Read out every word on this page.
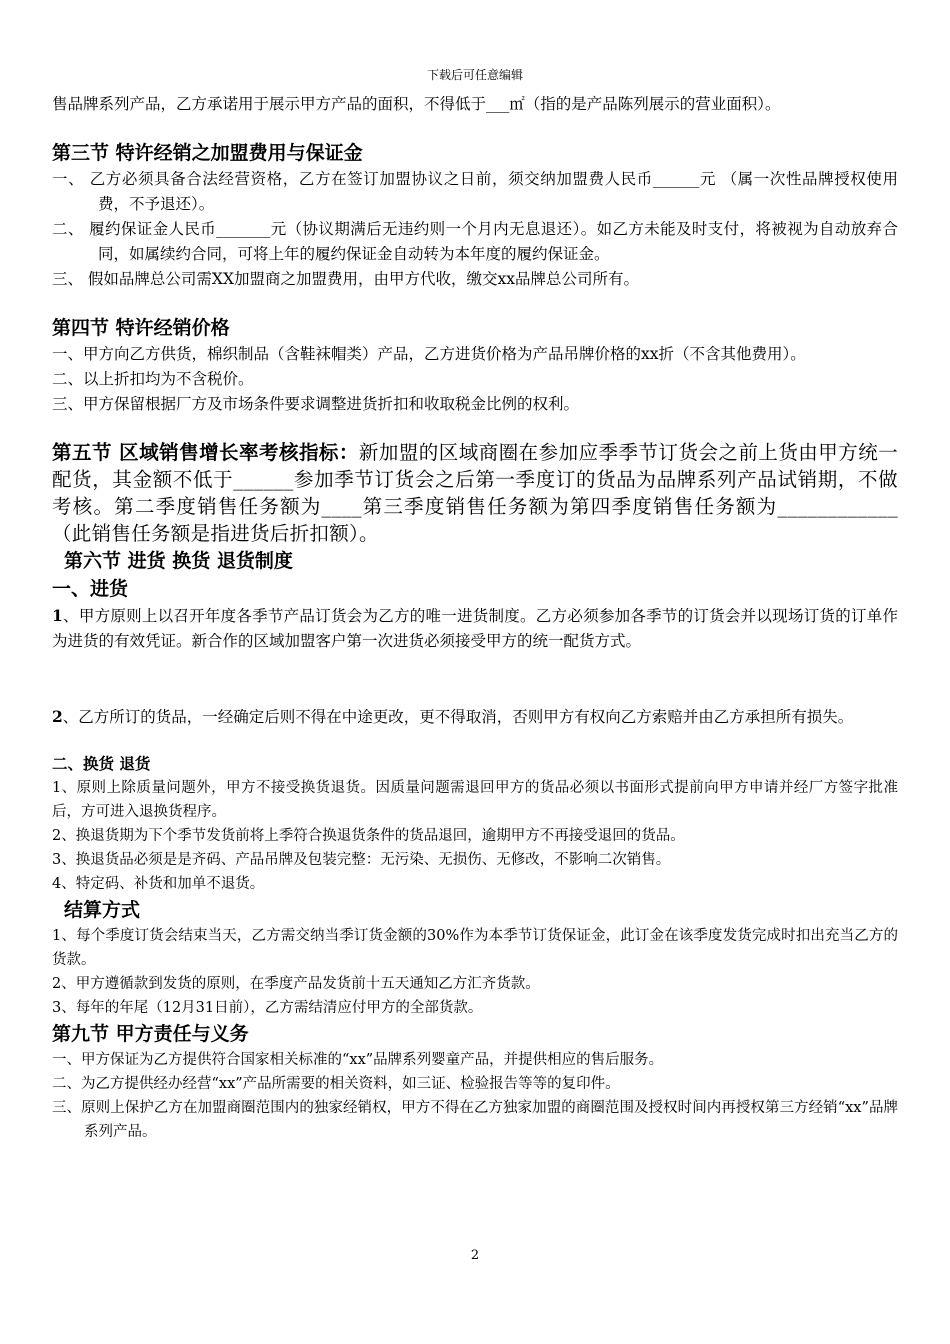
下载后可任意编辑

售品牌系列产品，乙方承诺用于展示甲方产品的面积，不得低于___㎡（指的是产品陈列展示的营业面积）。

第三节 特许经销之加盟费用与保证金

一、 乙方必须具备合法经营资格，乙方在签订加盟协议之日前，须交纳加盟费人民币______元 （属一次性品牌授权使用费，不予退还）。

二、 履约保证金人民币_______元（协议期满后无违约则一个月内无息退还）。如乙方未能及时支付，将被视为自动放弃合同，如属续约合同，可将上年的履约保证金自动转为本年度的履约保证金。

三、 假如品牌总公司需XX加盟商之加盟费用，由甲方代收，缴交xx品牌总公司所有。

第四节 特许经销价格

一、甲方向乙方供货，棉织制品（含鞋袜帽类）产品，乙方进货价格为产品吊牌价格的xx折（不含其他费用）。

二、以上折扣均为不含税价。

三、甲方保留根据厂方及市场条件要求调整进货折扣和收取税金比例的权利。

第五节 区域销售增长率考核指标：新加盟的区域商圈在参加应季季节订货会之前上货由甲方统一配货，其金额不低于______参加季节订货会之后第一季度订的货品为品牌系列产品试销期，不做考核。第二季度销售任务额为____第三季度销售任务额为第四季度销售任务额为____________（此销售任务额是指进货后折扣额）。

第六节 进货 换货 退货制度
一、进货

1、甲方原则上以召开年度各季节产品订货会为乙方的唯一进货制度。乙方必须参加各季节的订货会并以现场订货的订单作为进货的有效凭证。新合作的区域加盟客户第一次进货必须接受甲方的统一配货方式。

2、乙方所订的货品，一经确定后则不得在中途更改，更不得取消，否则甲方有权向乙方索赔并由乙方承担所有损失。

二、换货 退货

1、原则上除质量问题外，甲方不接受换货退货。因质量问题需退回甲方的货品必须以书面形式提前向甲方申请并经厂方签字批准后，方可进入退换货程序。

2、换退货期为下个季节发货前将上季符合换退货条件的货品退回，逾期甲方不再接受退回的货品。

3、换退货品必须是是齐码、产品吊牌及包装完整：无污染、无损伤、无修改，不影响二次销售。

4、特定码、补货和加单不退货。

结算方式

1、每个季度订货会结束当天，乙方需交纳当季订货金额的30%作为本季节订货保证金，此订金在该季度发货完成时扣出充当乙方的货款。

2、甲方遵循款到发货的原则，在季度产品发货前十五天通知乙方汇齐货款。

3、每年的年尾（12月31日前），乙方需结清应付甲方的全部货款。

第九节 甲方责任与义务

一、甲方保证为乙方提供符合国家相关标准的“xx”品牌系列婴童产品，并提供相应的售后服务。

二、为乙方提供经办经营“xx”产品所需要的相关资料，如三证、检验报告等等的复印件。

三、原则上保护乙方在加盟商圈范围内的独家经销权，甲方不得在乙方独家加盟的商圈范围及授权时间内再授权第三方经销“xx”品牌系列产品。

2
